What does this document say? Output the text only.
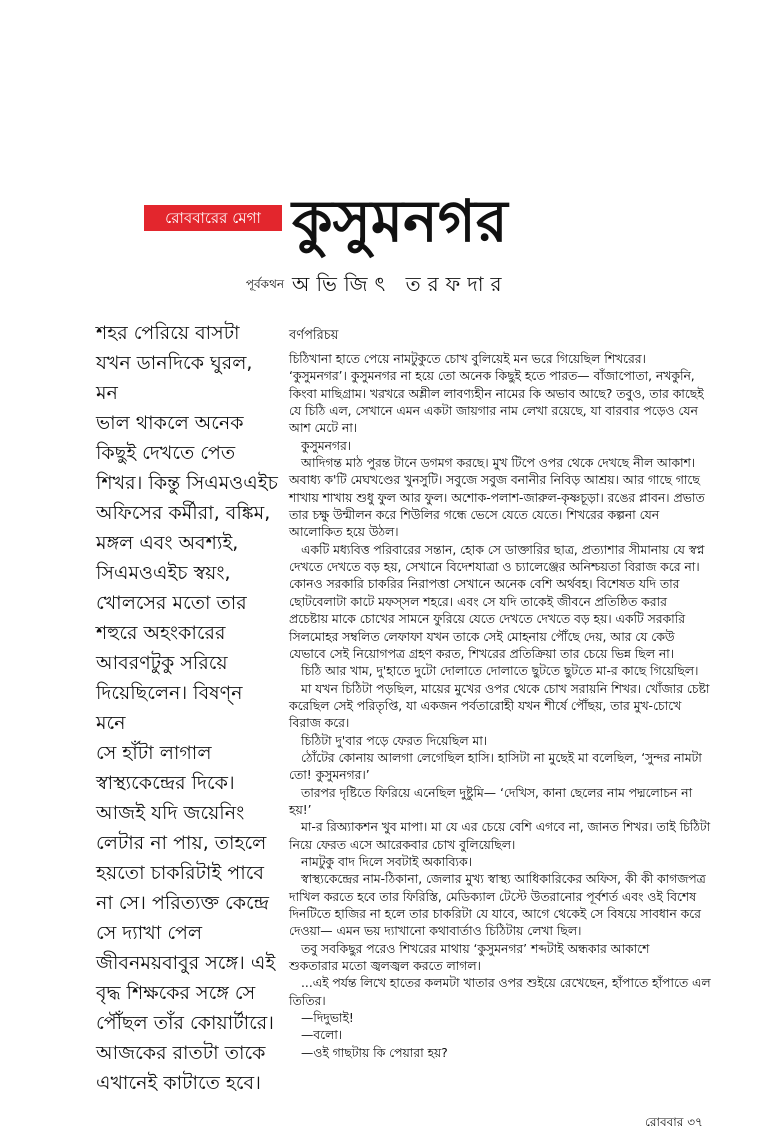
রোববারের মেগা কুসুমনগর
পূর্বকথন অভিজিৎ তরফদার
শহর পেরিয়ে বাসটা
যখন ডানদিকে ঘুরল, মন
ভাল থাকলে অনেক
কিছুই দেখতে পেত
শিখর। কিন্তু সিএমওএইচ
অফিসের কর্মীরা, বঙ্কিম,
মঙ্গল এবং অবশ্যই,
সিএমওএইচ স্বয়ং,
খোলসের মতো তার
শহুরে অহংকারের
আবরণটুকু সরিয়ে
দিয়েছিলেন। বিষণ্ন মনে
সে হাঁটা লাগাল
স্বাস্থ্যকেন্দ্রের দিকে।
আজই যদি জয়েনিং
লেটার না পায়, তাহলে
হয়তো চাকরিটাই পাবে
না সে। পরিত্যক্ত কেন্দ্রে
সে দ্যাখা পেল
জীবনময়বাবুর সঙ্গে। এই
বৃদ্ধ শিক্ষকের সঙ্গে সে
পৌঁছল তাঁর কোয়ার্টারে।
আজকের রাতটা তাকে
এখানেই কাটাতে হবে।
বর্ণপরিচয়
চিঠিখানা হাতে পেয়ে নামটুকুতে চোখ বুলিয়েই মন ভরে গিয়েছিল শিখরের।
‘কুসুমনগর’। কুসুমনগর না হয়ে তো অনেক কিছুই হতে পারত— বাঁজাপোতা, নখকুনি,
কিংবা মাছিগ্রাম। খরখরে অশ্লীল লাবণ্যহীন নামের কি অভাব আছে? তবুও, তার কাছেই
যে চিঠি এল, সেখানে এমন একটা জায়গার নাম লেখা রয়েছে, যা বারবার পড়েও যেন
আশ মেটে না।
কুসুমনগর।
আদিগন্ত মাঠ পুরন্ত টানে ডগমগ করছে। মুখ টিপে ওপর থেকে দেখছে নীল আকাশ।
অবাধ্য ক'টি মেঘখণ্ডের খুনসুটি। সবুজে সবুজ বনানীর নিবিড় আশ্রয়। আর গাছে গাছে
শাখায় শাখায় শুধু ফুল আর ফুল। অশোক-পলাশ-জারুল-কৃষ্ণচূড়া। রঙের প্লাবন। প্রভাত
তার চক্ষু উন্মীলন করে শিউলির গন্ধে ভেসে যেতে যেতে। শিখরের কল্পনা যেন
আলোকিত হয়ে উঠল।
একটি মধ্যবিত্ত পরিবারের সন্তান, হোক সে ডাক্তারির ছাত্র, প্রত্যাশার সীমানায় যে স্বপ্ন
দেখতে দেখতে বড় হয়, সেখানে বিদেশযাত্রা ও চ্যালেঞ্জের অনিশ্চয়তা বিরাজ করে না।
কোনও সরকারি চাকরির নিরাপত্তা সেখানে অনেক বেশি অর্থবহ। বিশেষত যদি তার
ছোটবেলাটা কাটে মফস্‌সল শহরে। এবং সে যদি তাকেই জীবনে প্রতিষ্ঠিত করার
প্রচেষ্টায় মাকে চোখের সামনে ফুরিয়ে যেতে দেখতে দেখতে বড় হয়। একটি সরকারি
সিলমোহর সম্বলিত লেফাফা যখন তাকে সেই মোহনায় পৌঁছে দেয়, আর যে কেউ
যেভাবে সেই নিয়োগপত্র গ্রহণ করত, শিখরের প্রতিক্রিয়া তার চেয়ে ভিন্ন ছিল না।
চিঠি আর খাম, দু'হাতে দুটো দোলাতে দোলাতে ছুটতে ছুটতে মা-র কাছে গিয়েছিল।
মা যখন চিঠিটা পড়ছিল, মায়ের মুখের ওপর থেকে চোখ সরায়নি শিখর। খোঁজার চেষ্টা
করেছিল সেই পরিতৃপ্তি, যা একজন পর্বতারোহী যখন শীর্ষে পৌঁছয়, তার মুখ-চোখে
বিরাজ করে।
চিঠিটা দু'বার পড়ে ফেরত দিয়েছিল মা।
ঠোঁটের কোনায় আলগা লেগেছিল হাসি। হাসিটা না মুছেই মা বলেছিল, ‘সুন্দর নামটা
তো! কুসুমনগর।’
তারপর দৃষ্টিতে ফিরিয়ে এনেছিল দুষ্টুমি— ‘দেখিস, কানা ছেলের নাম পদ্মলোচন না
হয়!’
মা-র রিঅ্যাকশন খুব মাপা। মা যে এর চেয়ে বেশি এগবে না, জানত শিখর। তাই চিঠিটা
নিয়ে ফেরত এসে আরেকবার চোখ বুলিয়েছিল।
নামটুকু বাদ দিলে সবটাই অকাব্যিক।
স্বাস্থ্যকেন্দ্রের নাম-ঠিকানা, জেলার মুখ্য স্বাস্থ্য আধিকারিকের অফিস, কী কী কাগজপত্র
দাখিল করতে হবে তার ফিরিস্তি, মেডিক্যাল টেস্টে উতরানোর পূর্বশর্ত এবং ওই বিশেষ
দিনটিতে হাজির না হলে তার চাকরিটা যে যাবে, আগে থেকেই সে বিষয়ে সাবধান করে
দেওয়া— এমন ভয় দ্যাখানো কথাবার্তাও চিঠিটায় লেখা ছিল।
তবু সবকিছুর পরেও শিখরের মাথায় ‘কুসুমনগর’ শব্দটাই অন্ধকার আকাশে
শুকতারার মতো জ্বলজ্বল করতে লাগল।
...এই পর্যন্ত লিখে হাতের কলমটা খাতার ওপর শুইয়ে রেখেছেন, হাঁপাতে হাঁপাতে এল
তিতির।
—দিদুভাই!
—বলো।
—ওই গাছটায় কি পেয়ারা হয়?
রোববার ৩৭
